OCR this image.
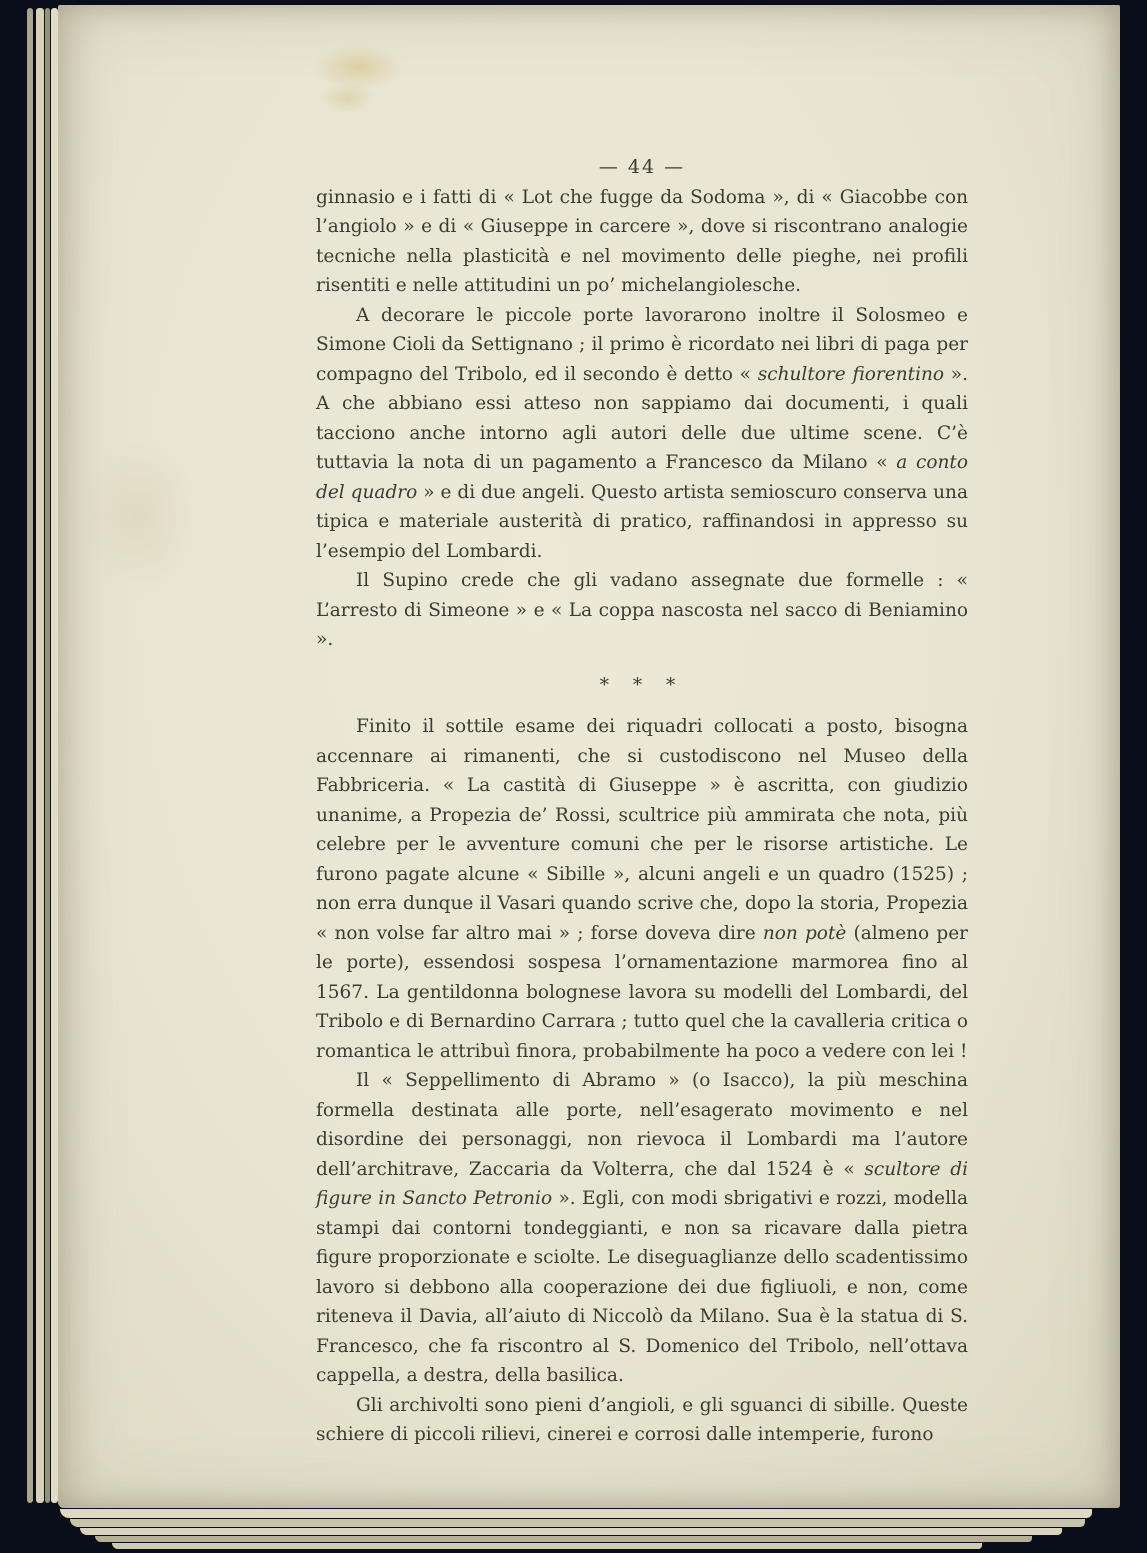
— 44 —

ginnasio e i fatti di « Lot che fugge da Sodoma », di « Giacobbe con l’angiolo » e di « Giuseppe in carcere », dove si riscontrano analogie tecniche nella plasticità e nel movimento delle pieghe, nei profili risentiti e nelle attitudini un po’ michelangiolesche.

A decorare le piccole porte lavorarono inoltre il Solosmeo e Simone Cioli da Settignano ; il primo è ricordato nei libri di paga per compagno del Tribolo, ed il secondo è detto « schultore fiorentino ». A che abbiano essi atteso non sappiamo dai documenti, i quali tacciono anche intorno agli autori delle due ultime scene. C’è tuttavia la nota di un pagamento a Francesco da Milano « a conto del quadro » e di due angeli. Questo artista semioscuro conserva una tipica e materiale austerità di pratico, raffinandosi in appresso su l’esempio del Lombardi.

Il Supino crede che gli vadano assegnate due formelle : « L’arresto di Simeone » e « La coppa nascosta nel sacco di Beniamino ».

* * *

Finito il sottile esame dei riquadri collocati a posto, bisogna accennare ai rimanenti, che si custodiscono nel Museo della Fabbriceria. « La castità di Giuseppe » è ascritta, con giudizio unanime, a Propezia de’ Rossi, scultrice più ammirata che nota, più celebre per le avventure comuni che per le risorse artistiche. Le furono pagate alcune « Sibille », alcuni angeli e un quadro (1525) ; non erra dunque il Vasari quando scrive che, dopo la storia, Propezia « non volse far altro mai » ; forse doveva dire non potè (almeno per le porte), essendosi sospesa l’ornamentazione marmorea fino al 1567. La gentildonna bolognese lavora su modelli del Lombardi, del Tribolo e di Bernardino Carrara ; tutto quel che la cavalleria critica o romantica le attribuì finora, probabilmente ha poco a vedere con lei !

Il « Seppellimento di Abramo » (o Isacco), la più meschina formella destinata alle porte, nell’esagerato movimento e nel disordine dei personaggi, non rievoca il Lombardi ma l’autore dell’architrave, Zaccaria da Volterra, che dal 1524 è « scultore di figure in Sancto Petronio ». Egli, con modi sbrigativi e rozzi, modella stampi dai contorni tondeggianti, e non sa ricavare dalla pietra figure proporzionate e sciolte. Le diseguaglianze dello scadentissimo lavoro si debbono alla cooperazione dei due figliuoli, e non, come riteneva il Davia, all’aiuto di Niccolò da Milano. Sua è la statua di S. Francesco, che fa riscontro al S. Domenico del Tribolo, nell’ottava cappella, a destra, della basilica.

Gli archivolti sono pieni d’angioli, e gli sguanci di sibille. Queste schiere di piccoli rilievi, cinerei e corrosi dalle intemperie, furono
